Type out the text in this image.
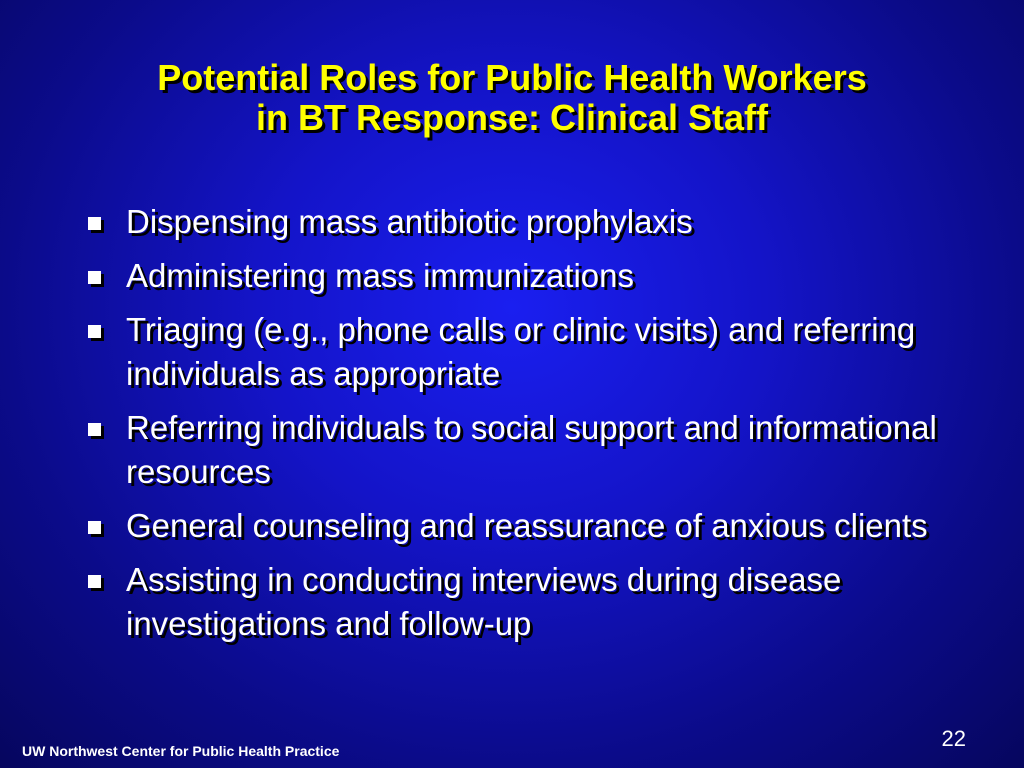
Potential Roles for Public Health Workers
in BT Response: Clinical Staff
Dispensing mass antibiotic prophylaxis
Administering mass immunizations
Triaging (e.g., phone calls or clinic visits) and referring individuals as appropriate
Referring individuals to social support and informational resources
General counseling and reassurance of anxious clients
Assisting in conducting interviews during disease investigations and follow-up
UW Northwest Center for Public Health Practice	22
